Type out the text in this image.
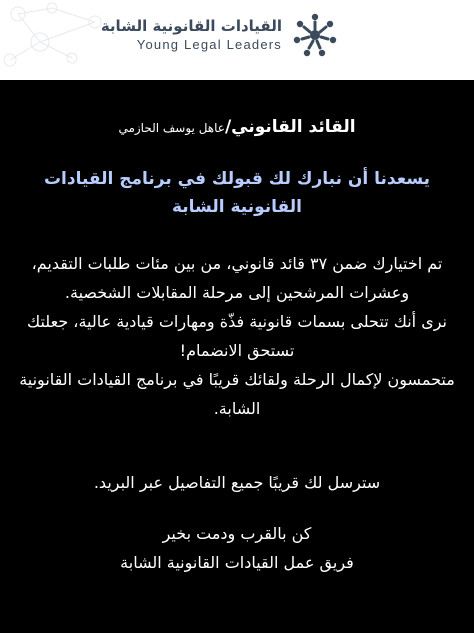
القيادات القانونية الشابة
Young Legal Leaders
القائد القانوني/عاهل يوسف الحازمي
يسعدنا أن نبارك لك قبولك في برنامج القيادات القانونية الشابة

تم اختيارك ضمن ٣٧ قائد قانوني، من بين مئات طلبات التقديم، وعشرات المرشحين إلى مرحلة المقابلات الشخصية.

نرى أنك تتحلى بسمات قانونية فذّة ومهارات قيادية عالية، جعلتك تستحق الانضمام!

متحمسون لإكمال الرحلة ولقائك قريبًا في برنامج القيادات القانونية الشابة.

سترسل لك قريبًا جميع التفاصيل عبر البريد.
كن بالقرب ودمت بخير
فريق عمل القيادات القانونية الشابة
